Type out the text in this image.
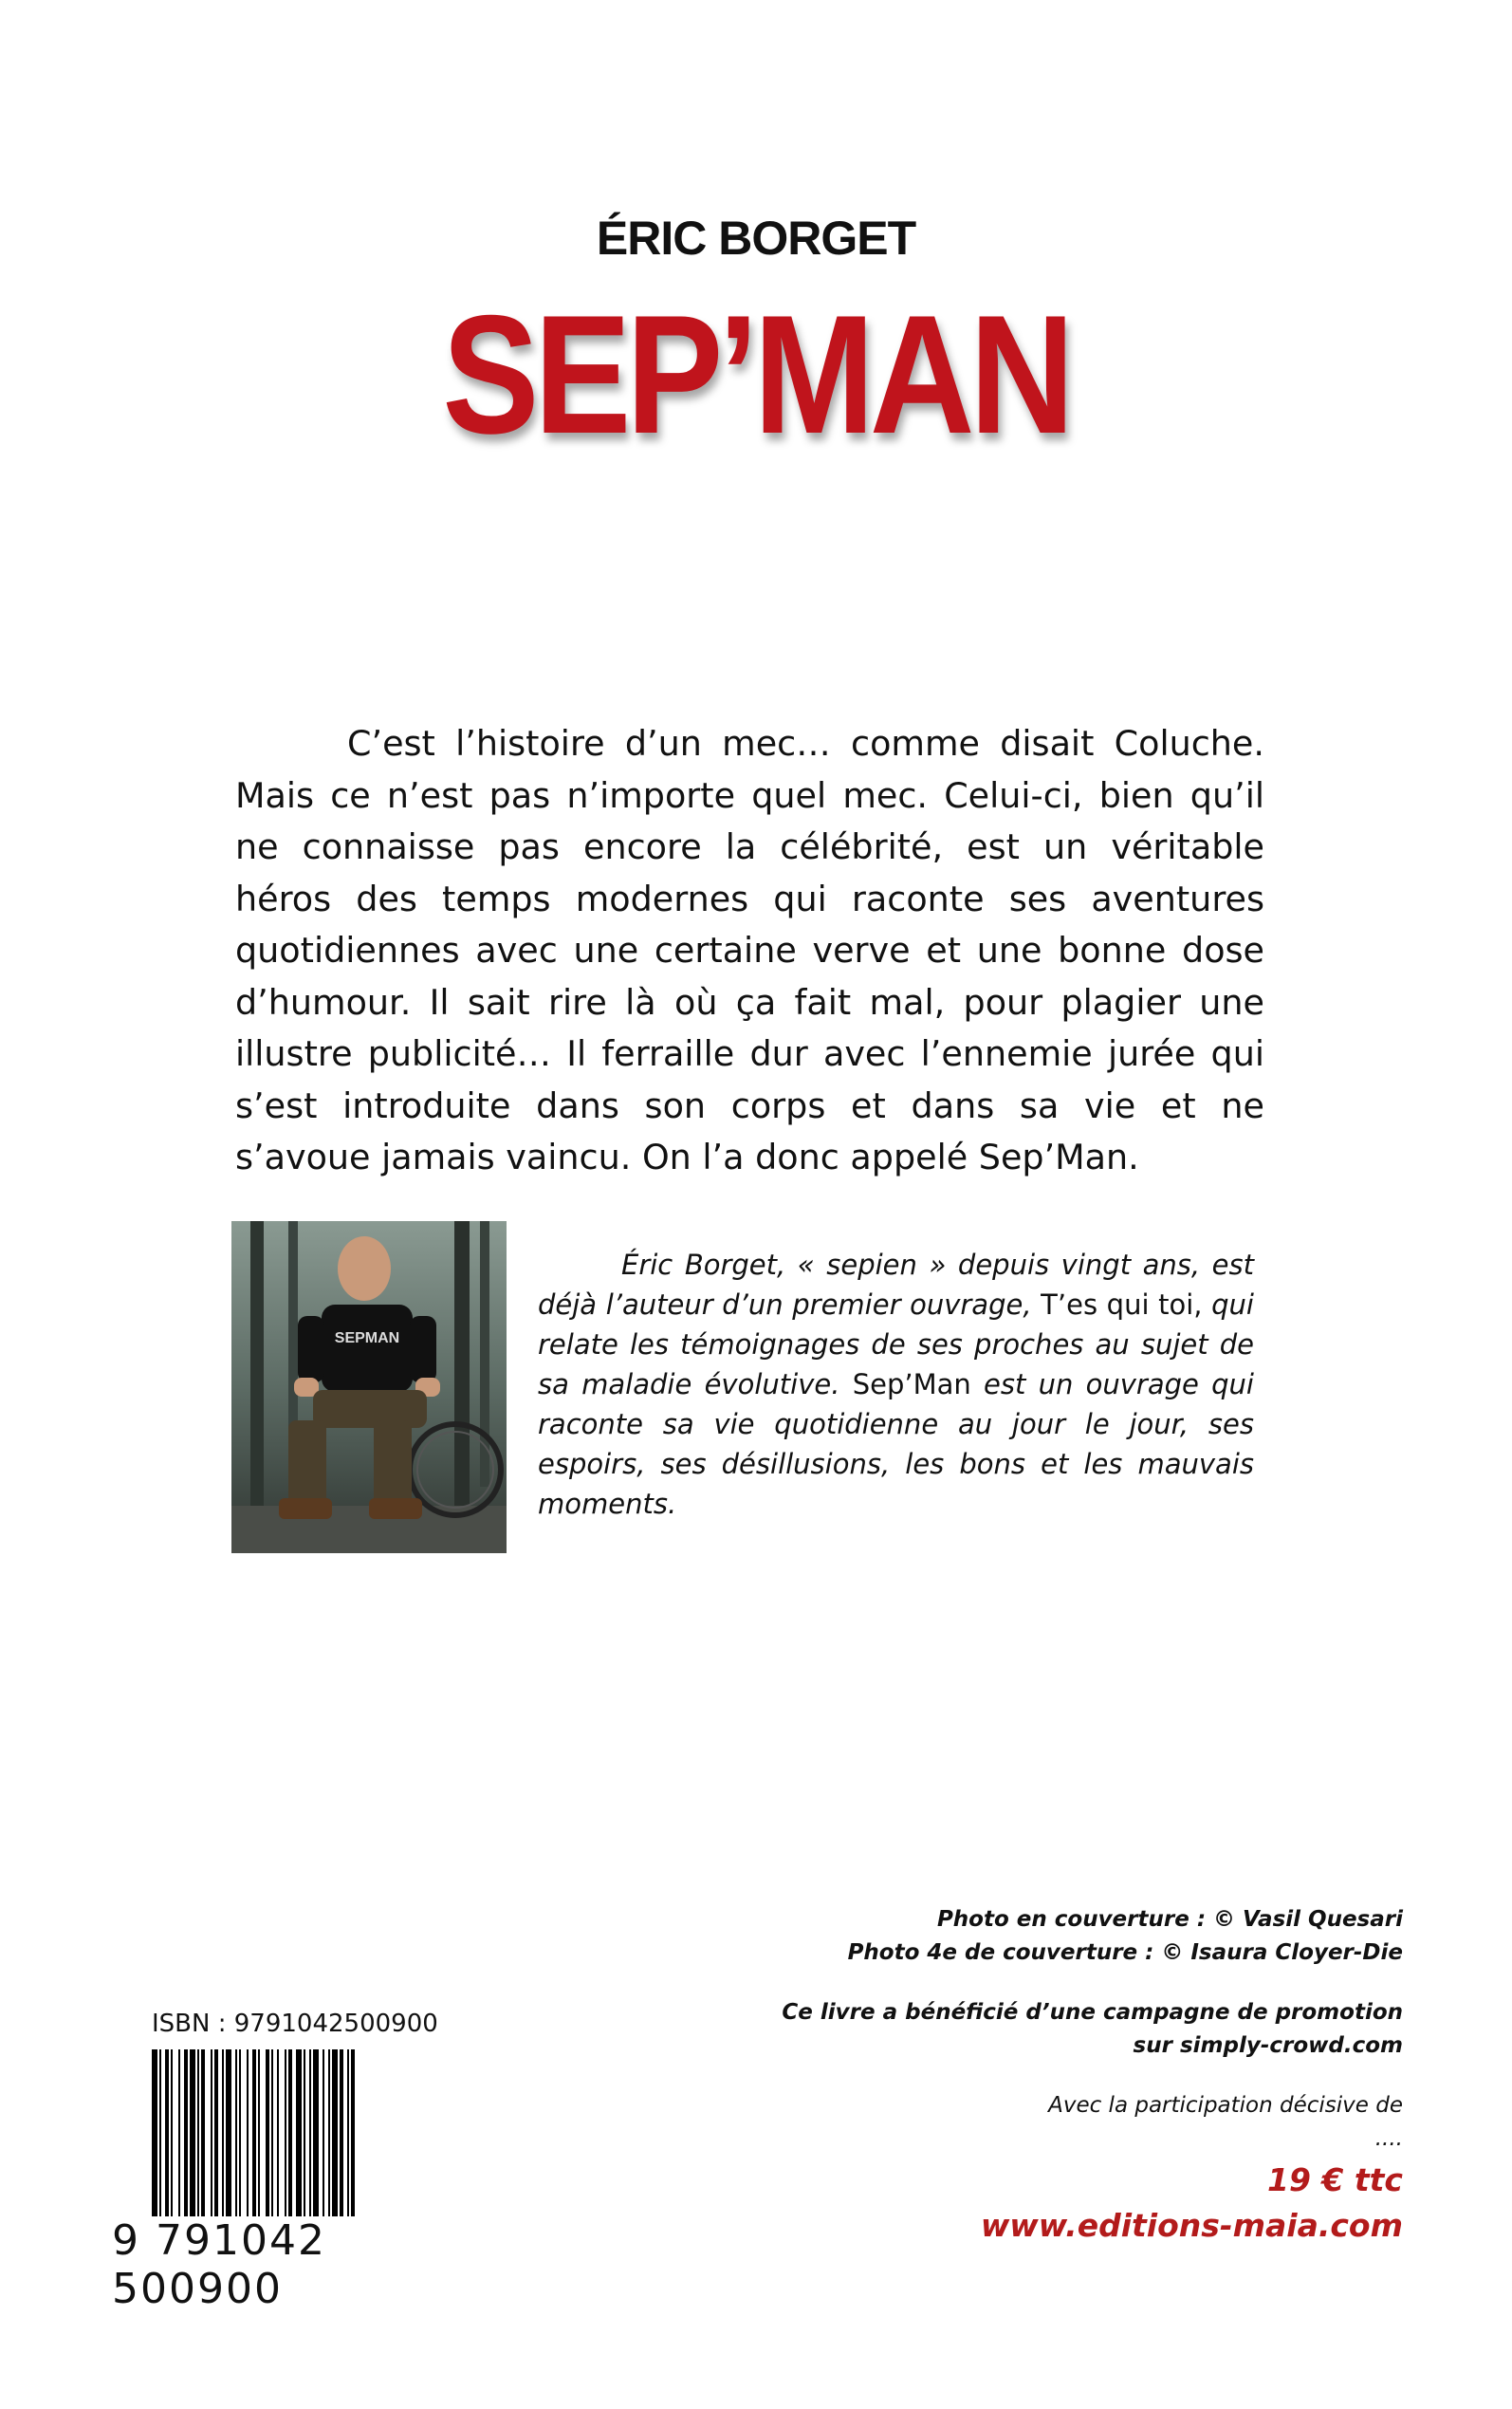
ÉRIC BORGET
SEP’MAN
C’est l’histoire d’un mec… comme disait Coluche. Mais ce n’est pas n’importe quel mec. Celui-ci, bien qu’il ne connaisse pas encore la célébrité, est un véritable héros des temps modernes qui raconte ses aventures quotidiennes avec une certaine verve et une bonne dose d’humour. Il sait rire là où ça fait mal, pour plagier une illustre publicité… Il ferraille dur avec l’ennemie jurée qui s’est introduite dans son corps et dans sa vie et ne s’avoue jamais vaincu. On l’a donc appelé Sep’Man.
SEPMAN
Éric Borget, « sepien » depuis vingt ans, est déjà l’auteur d’un premier ouvrage, T’es qui toi, qui relate les témoignages de ses proches au sujet de sa maladie évolutive. Sep’Man est un ouvrage qui raconte sa vie quotidienne au jour le jour, ses espoirs, ses désillusions, les bons et les mauvais moments.
Photo en couverture : © Vasil Quesari
Photo 4e de couverture : © Isaura Cloyer-Die
Ce livre a bénéficié d’une campagne de promotion
sur simply-crowd.com
Avec la participation décisive de
....
19 € ttc
www.editions-maia.com
ISBN : 9791042500900
9 791042 500900
